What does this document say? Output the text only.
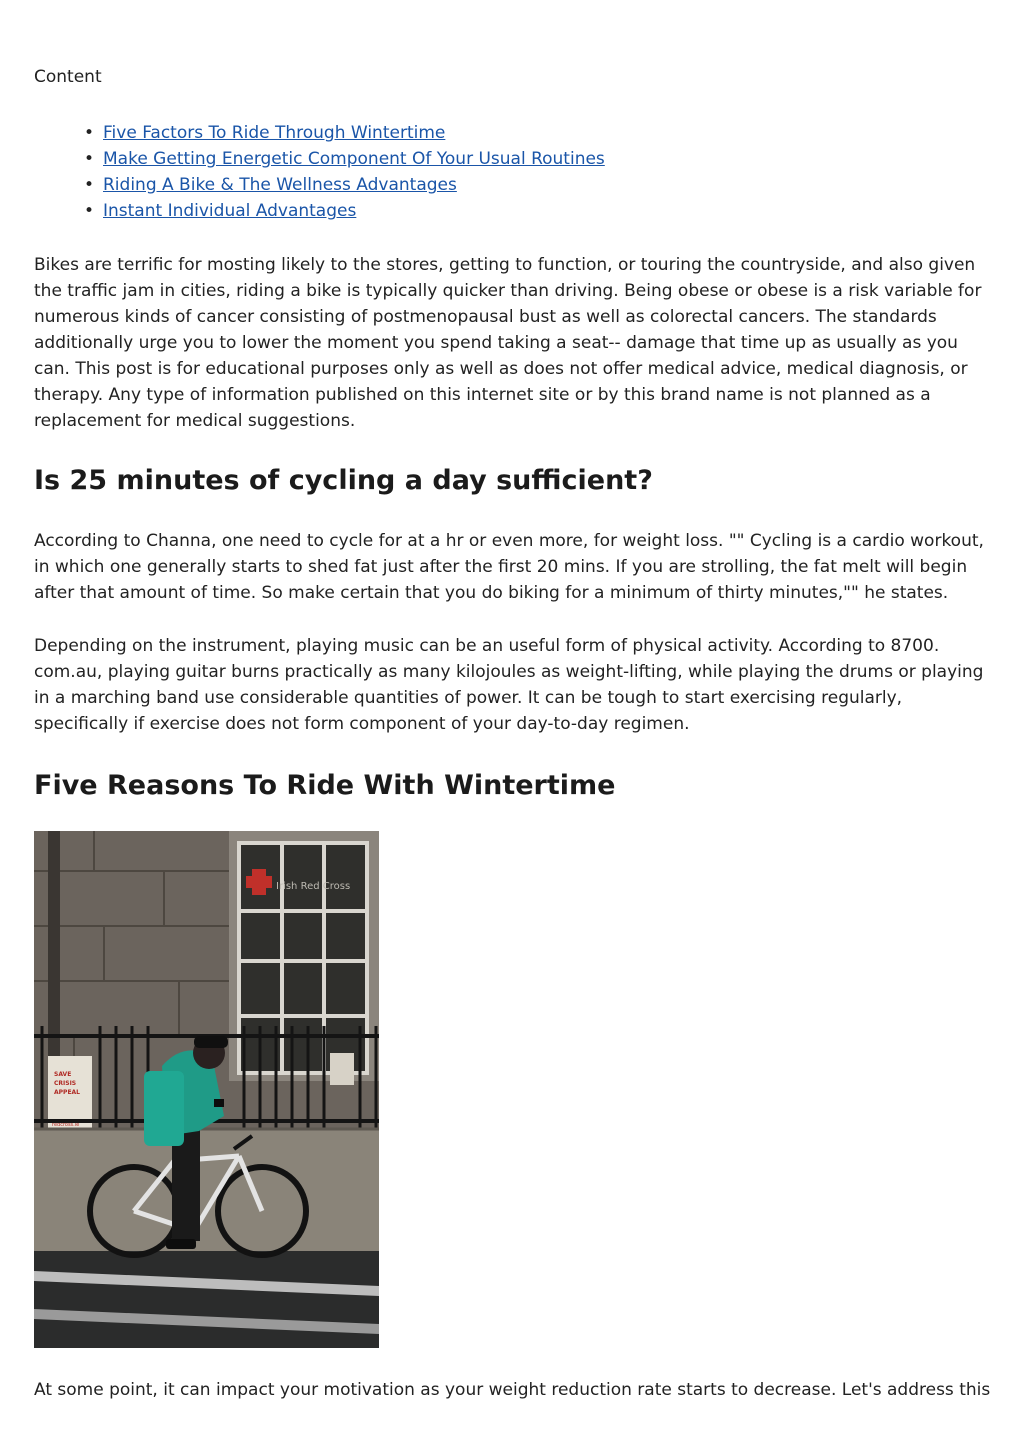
Content
• Five Factors To Ride Through Wintertime
• Make Getting Energetic Component Of Your Usual Routines
• Riding A Bike & The Wellness Advantages
• Instant Individual Advantages

Bikes are terrific for mosting likely to the stores, getting to function, or touring the countryside, and also given the traffic jam in cities, riding a bike is typically quicker than driving. Being obese or obese is a risk variable for numerous kinds of cancer consisting of postmenopausal bust as well as colorectal cancers. The standards additionally urge you to lower the moment you spend taking a seat-- damage that time up as usually as you can. This post is for educational purposes only as well as does not offer medical advice, medical diagnosis, or therapy. Any type of information published on this internet site or by this brand name is not planned as a replacement for medical suggestions.

Is 25 minutes of cycling a day sufficient?

According to Channa, one need to cycle for at a hr or even more, for weight loss. "" Cycling is a cardio workout, in which one generally starts to shed fat just after the first 20 mins. If you are strolling, the fat melt will begin after that amount of time. So make certain that you do biking for a minimum of thirty minutes,"" he states.

Depending on the instrument, playing music can be an useful form of physical activity. According to 8700. com.au, playing guitar burns practically as many kilojoules as weight-lifting, while playing the drums or playing in a marching band use considerable quantities of power. It can be tough to start exercising regularly, specifically if exercise does not form component of your day-to-day regimen.

Five Reasons To Ride With Wintertime
Irish Red Cross
SAVE
CRISIS
APPEAL
redcross.ie

At some point, it can impact your motivation as your weight reduction rate starts to decrease. Let's address this
